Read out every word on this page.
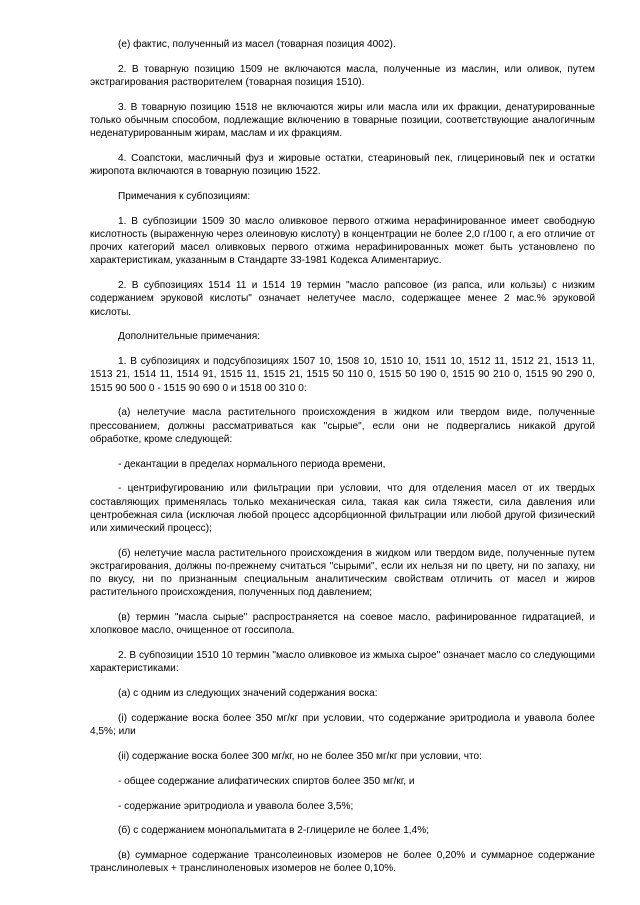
(е) фактис, полученный из масел (товарная позиция 4002).

2. В товарную позицию 1509 не включаются масла, полученные из маслин, или оливок, путем экстрагирования растворителем (товарная позиция 1510).

3. В товарную позицию 1518 не включаются жиры или масла или их фракции, денатурированные только обычным способом, подлежащие включению в товарные позиции, соответствующие аналогичным неденатурированным жирам, маслам и их фракциям.

4. Соапстоки, масличный фуз и жировые остатки, стеариновый пек, глицериновый пек и остатки жиропота включаются в товарную позицию 1522.

Примечания к субпозициям:

1. В субпозиции 1509 30 масло оливковое первого отжима нерафинированное имеет свободную кислотность (выраженную через олеиновую кислоту) в концентрации не более 2,0 г/100 г, а его отличие от прочих категорий масел оливковых первого отжима нерафинированных может быть установлено по характеристикам, указанным в Стандарте 33-1981 Кодекса Алиментариус.

2. В субпозициях 1514 11 и 1514 19 термин "масло рапсовое (из рапса, или кользы) с низким содержанием эруковой кислоты" означает нелетучее масло, содержащее менее 2 мас.% эруковой кислоты.

Дополнительные примечания:

1. В субпозициях и подсубпозициях 1507 10, 1508 10, 1510 10, 1511 10, 1512 11, 1512 21, 1513 11, 1513 21, 1514 11, 1514 91, 1515 11, 1515 21, 1515 50 110 0, 1515 50 190 0, 1515 90 210 0, 1515 90 290 0, 1515 90 500 0 - 1515 90 690 0 и 1518 00 310 0:

(а) нелетучие масла растительного происхождения в жидком или твердом виде, полученные прессованием, должны рассматриваться как "сырые", если они не подвергались никакой другой обработке, кроме следующей:

- декантации в пределах нормального периода времени,

- центрифугированию или фильтрации при условии, что для отделения масел от их твердых составляющих применялась только механическая сила, такая как сила тяжести, сила давления или центробежная сила (исключая любой процесс адсорбционной фильтрации или любой другой физический или химический процесс);

(б) нелетучие масла растительного происхождения в жидком или твердом виде, полученные путем экстрагирования, должны по-прежнему считаться "сырыми", если их нельзя ни по цвету, ни по запаху, ни по вкусу, ни по признанным специальным аналитическим свойствам отличить от масел и жиров растительного происхождения, полученных под давлением;

(в) термин "масла сырые" распространяется на соевое масло, рафинированное гидратацией, и хлопковое масло, очищенное от госсипола.

2. В субпозиции 1510 10 термин "масло оливковое из жмыха сырое" означает масло со следующими характеристиками:

(а) с одним из следующих значений содержания воска:

(i) содержание воска более 350 мг/кг при условии, что содержание эритродиола и увавола более 4,5%; или

(ii) содержание воска более 300 мг/кг, но не более 350 мг/кг при условии, что:

- общее содержание алифатических спиртов более 350 мг/кг, и

- содержание эритродиола и увавола более 3,5%;

(б) с содержанием монопальмитата в 2-глицериле не более 1,4%;

(в) суммарное содержание трансолеиновых изомеров не более 0,20% и суммарное содержание транслинолевых + транслиноленовых изомеров не более 0,10%.
